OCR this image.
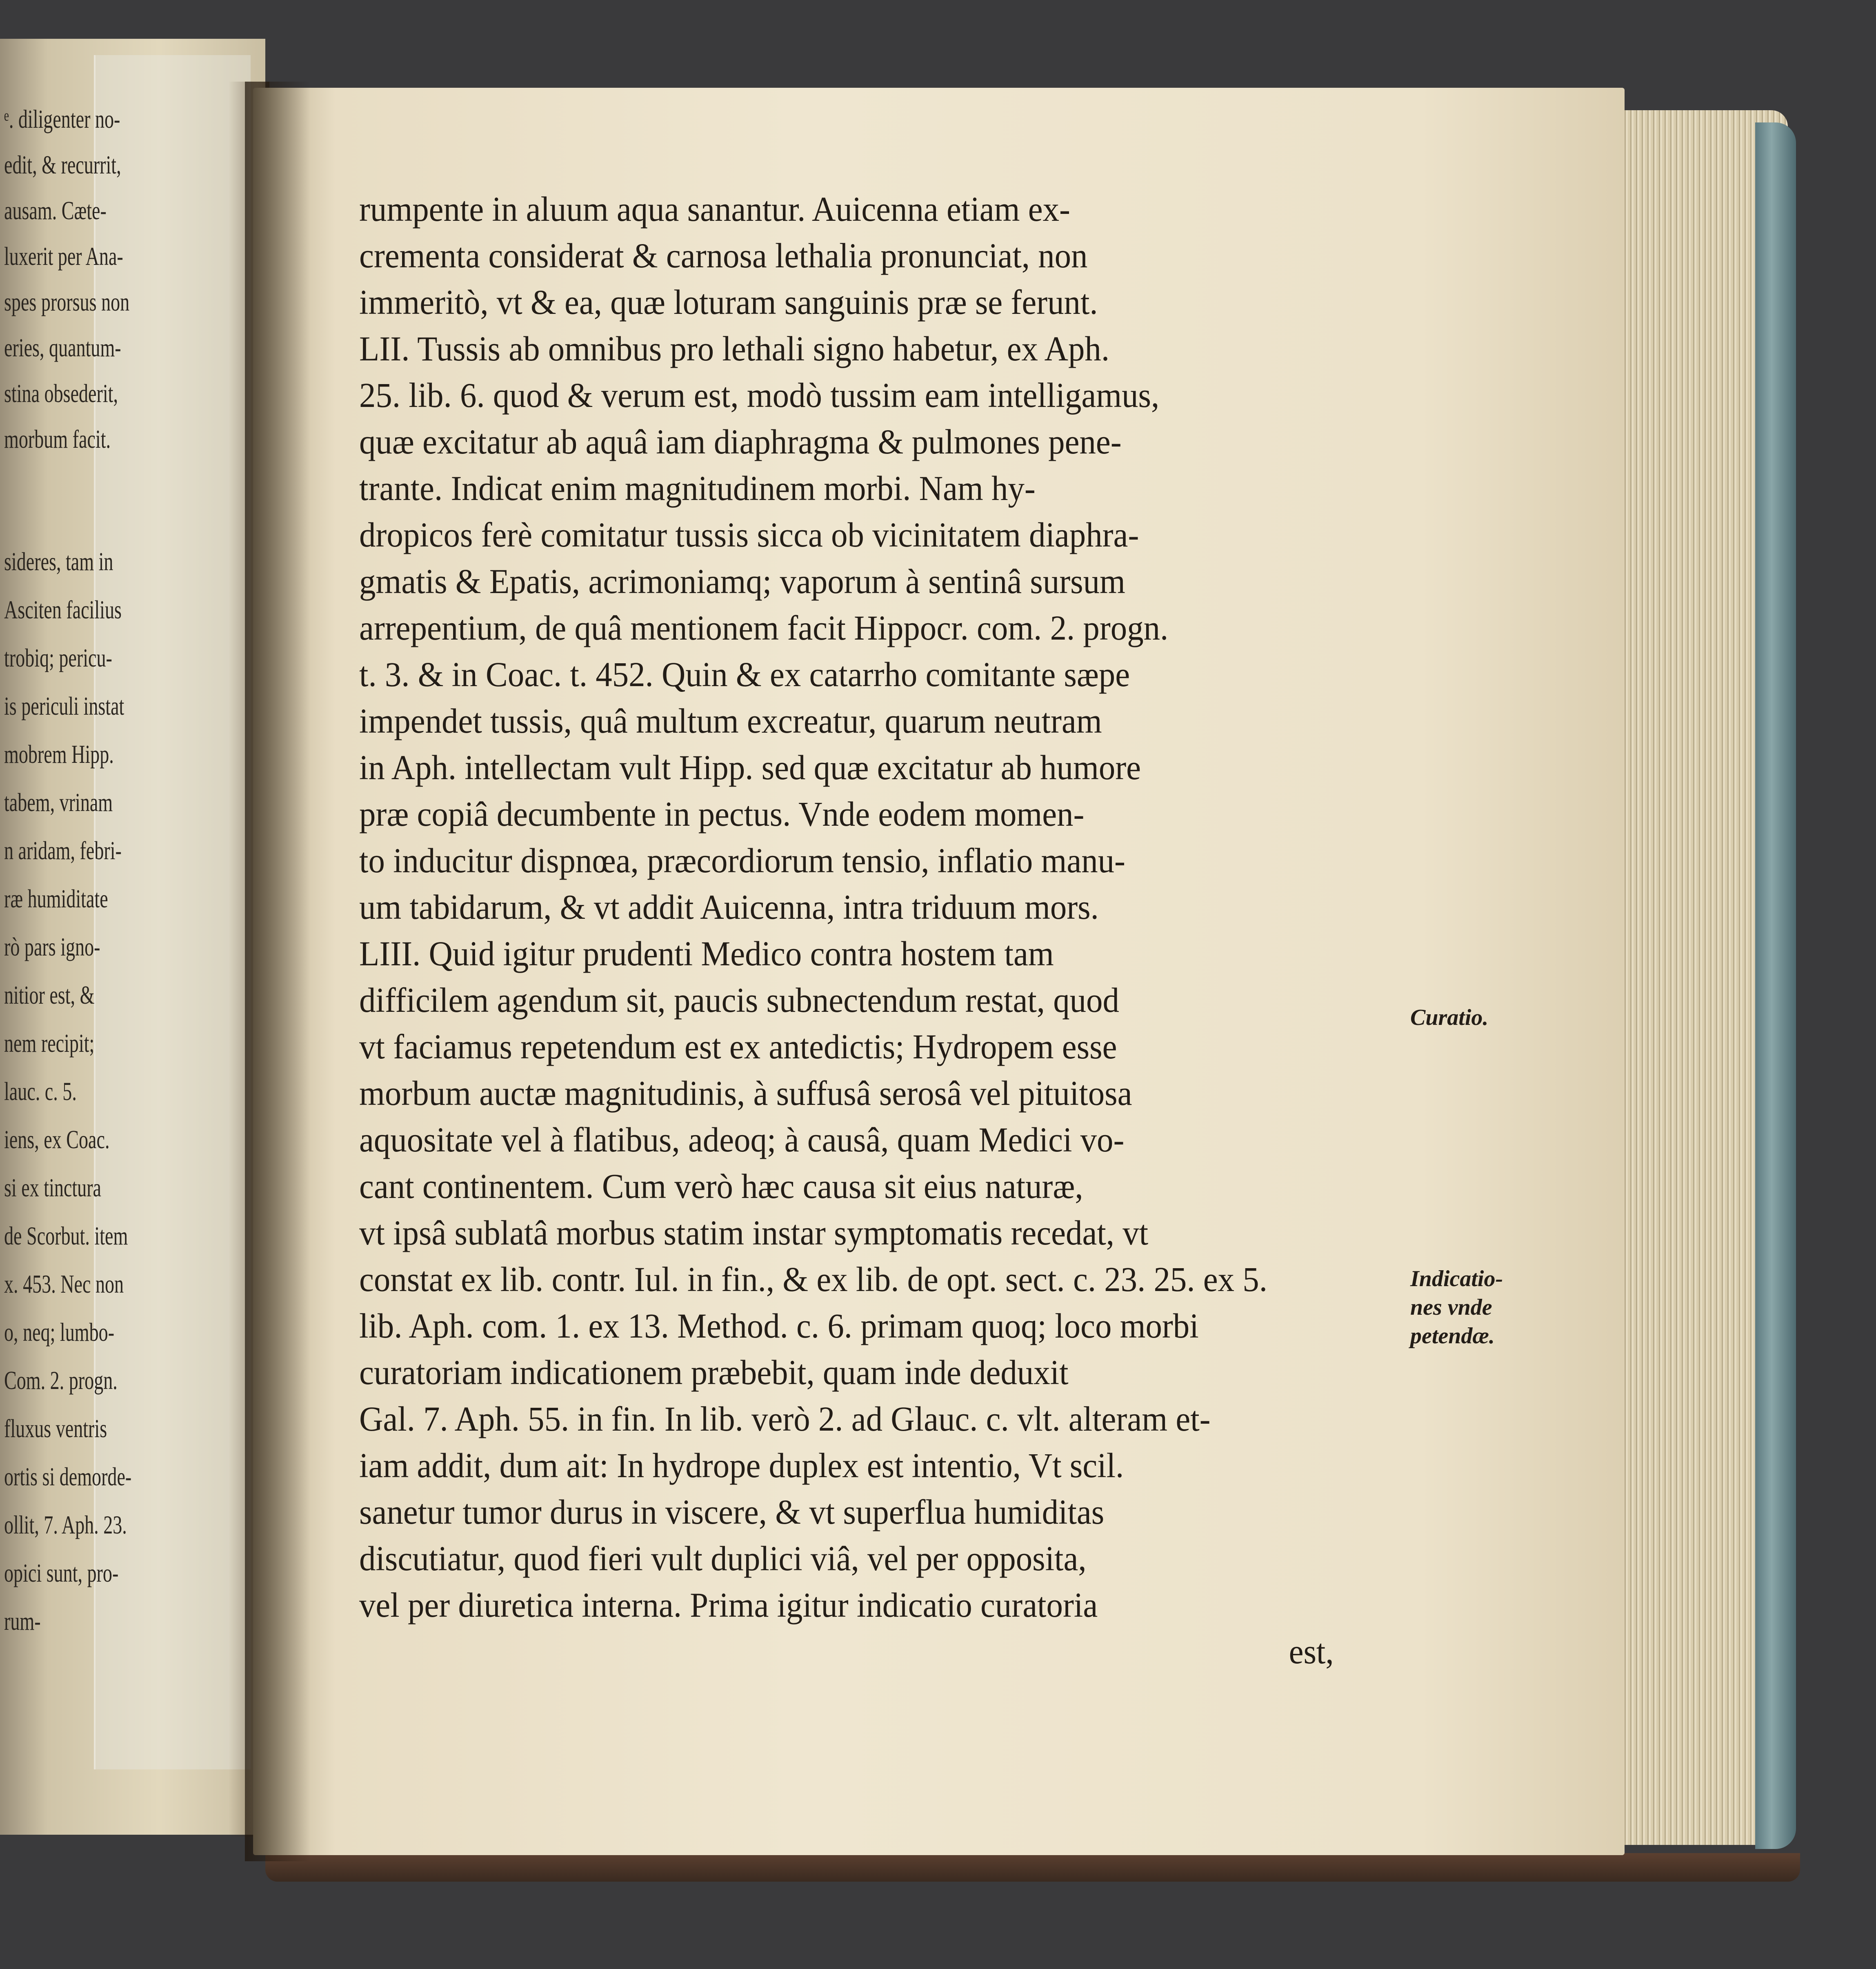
ᵉ. diligenter no-
edit, & recurrit,
ausam. Cæte-
luxerit per Ana-
spes prorsus non
eries, quantum-
stina obsederit,
morbum facit.
sideres, tam in
Asciten facilius
trobiq; pericu-
is periculi instat
mobrem Hipp.
tabem, vrinam
n aridam, febri-
ræ humiditate
rò pars igno-
nitior est, &
nem recipit;
lauc. c. 5.
iens, ex Coac.
si ex tinctura
de Scorbut. item
x. 453. Nec non
o, neq; lumbo-
Com. 2. progn.
fluxus ventris
ortis si demorde-
ollit, 7. Aph. 23.
opici sunt, pro-
rum-
rumpente in aluum aqua sanantur. Auicenna etiam ex-
crementa considerat & carnosa lethalia pronunciat, non
immeritò, vt & ea, quæ loturam sanguinis præ se ferunt.
LII. Tussis ab omnibus pro lethali signo habetur, ex Aph.
25. lib. 6. quod & verum est, modò tussim eam intelligamus,
quæ excitatur ab aquâ iam diaphragma & pulmones pene-
trante. Indicat enim magnitudinem morbi. Nam hy-
dropicos ferè comitatur tussis sicca ob vicinitatem diaphra-
gmatis & Epatis, acrimoniamq; vaporum à sentinâ sursum
arrepentium, de quâ mentionem facit Hippocr. com. 2. progn.
t. 3. & in Coac. t. 452. Quin & ex catarrho comitante sæpe
impendet tussis, quâ multum excreatur, quarum neutram
in Aph. intellectam vult Hipp. sed quæ excitatur ab humore
præ copiâ decumbente in pectus. Vnde eodem momen-
to inducitur dispnœa, præcordiorum tensio, inflatio manu-
um tabidarum, & vt addit Auicenna, intra triduum mors.
LIII. Quid igitur prudenti Medico contra hostem tam
difficilem agendum sit, paucis subnectendum restat, quod
vt faciamus repetendum est ex antedictis; Hydropem esse
morbum auctæ magnitudinis, à suffusâ serosâ vel pituitosa
aquositate vel à flatibus, adeoq; à causâ, quam Medici vo-
cant continentem. Cum verò hæc causa sit eius naturæ,
vt ipsâ sublatâ morbus statim instar symptomatis recedat, vt
constat ex lib. contr. Iul. in fin., & ex lib. de opt. sect. c. 23. 25. ex 5.
lib. Aph. com. 1. ex 13. Method. c. 6. primam quoq; loco morbi
curatoriam indicationem præbebit, quam inde deduxit
Gal. 7. Aph. 55. in fin. In lib. verò 2. ad Glauc. c. vlt. alteram et-
iam addit, dum ait: In hydrope duplex est intentio, Vt scil.
sanetur tumor durus in viscere, & vt superflua humiditas
discutiatur, quod fieri vult duplici viâ, vel per opposita,
vel per diuretica interna. Prima igitur indicatio curatoria
est,
Curatio.
Indicatio-
nes vnde
petendæ.
